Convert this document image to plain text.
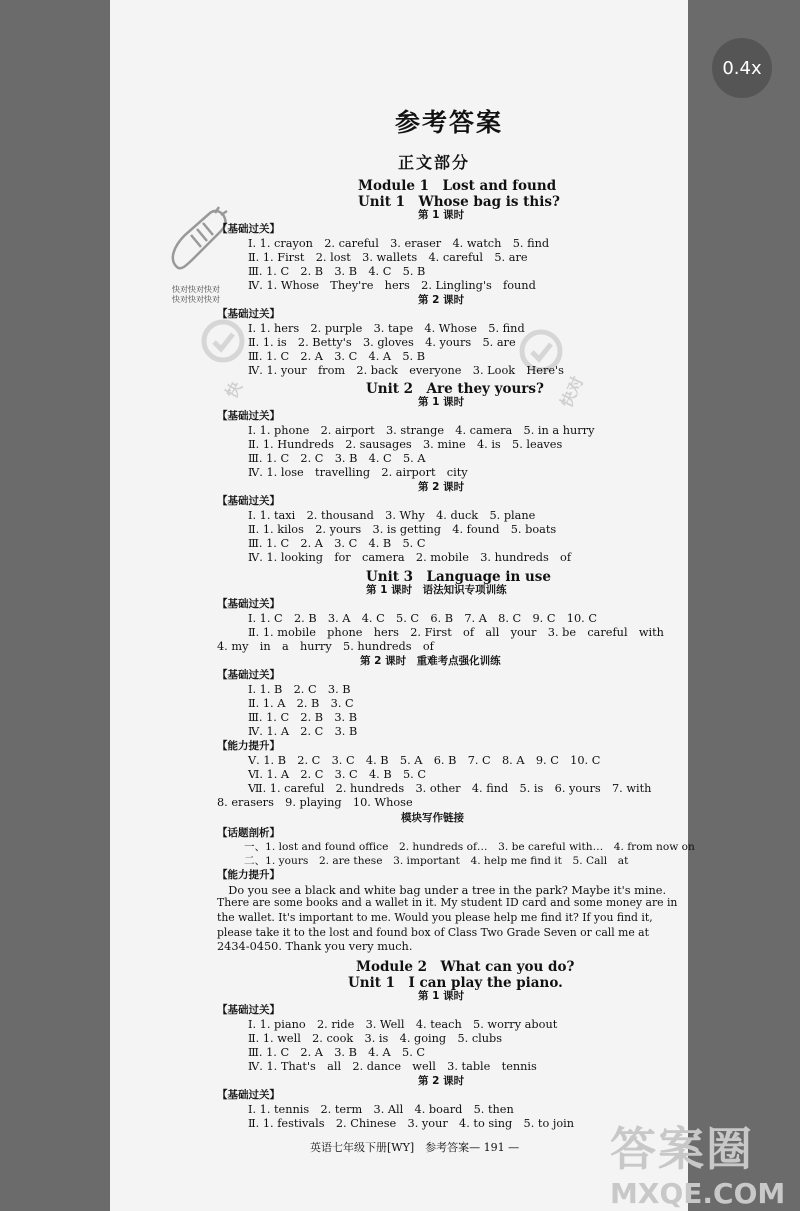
0.4x
快对快对快对
快对快对快对
快	快对
参考答案
正文部分
Module 1　Lost and found
Unit 1　Whose bag is this?
第 1 课时
【基础过关】
Ⅰ. 1. crayon　2. careful　3. eraser　4. watch　5. find
Ⅱ. 1. First　2. lost　3. wallets　4. careful　5. are
Ⅲ. 1. C　2. B　3. B　4. C　5. B
Ⅳ. 1. Whose　They're　hers　2. Lingling's　found
第 2 课时
【基础过关】
Ⅰ. 1. hers　2. purple　3. tape　4. Whose　5. find
Ⅱ. 1. is　2. Betty's　3. gloves　4. yours　5. are
Ⅲ. 1. C　2. A　3. C　4. A　5. B
Ⅳ. 1. your　from　2. back　everyone　3. Look　Here's
Unit 2　Are they yours?
第 1 课时
【基础过关】
Ⅰ. 1. phone　2. airport　3. strange　4. camera　5. in a hurry
Ⅱ. 1. Hundreds　2. sausages　3. mine　4. is　5. leaves
Ⅲ. 1. C　2. C　3. B　4. C　5. A
Ⅳ. 1. lose　travelling　2. airport　city
第 2 课时
【基础过关】
Ⅰ. 1. taxi　2. thousand　3. Why　4. duck　5. plane
Ⅱ. 1. kilos　2. yours　3. is getting　4. found　5. boats
Ⅲ. 1. C　2. A　3. C　4. B　5. C
Ⅳ. 1. looking　for　camera　2. mobile　3. hundreds　of
Unit 3　Language in use
第 1 课时　语法知识专项训练
【基础过关】
Ⅰ. 1. C　2. B　3. A　4. C　5. C　6. B　7. A　8. C　9. C　10. C
Ⅱ. 1. mobile　phone　hers　2. First　of　all　your　3. be　careful　with
4. my　in　a　hurry　5. hundreds　of
第 2 课时　重难考点强化训练
【基础过关】
Ⅰ. 1. B　2. C　3. B
Ⅱ. 1. A　2. B　3. C
Ⅲ. 1. C　2. B　3. B
Ⅳ. 1. A　2. C　3. B
【能力提升】
Ⅴ. 1. B　2. C　3. C　4. B　5. A　6. B　7. C　8. A　9. C　10. C
Ⅵ. 1. A　2. C　3. C　4. B　5. C
Ⅶ. 1. careful　2. hundreds　3. other　4. find　5. is　6. yours　7. with
8. erasers　9. playing　10. Whose
模块写作链接
【话题剖析】
一、1. lost and found office　2. hundreds of…　3. be careful with…　4. from now on
二、1. yours　2. are these　3. important　4. help me find it　5. Call　at
【能力提升】
　Do you see a black and white bag under a tree in the park? Maybe it's mine.
There are some books and a wallet in it. My student ID card and some money are in
the wallet. It's important to me. Would you please help me find it? If you find it,
please take it to the lost and found box of Class Two Grade Seven or call me at
2434-0450. Thank you very much.
Module 2　What can you do?
Unit 1　I can play the piano.
第 1 课时
【基础过关】
Ⅰ. 1. piano　2. ride　3. Well　4. teach　5. worry about
Ⅱ. 1. well　2. cook　3. is　4. going　5. clubs
Ⅲ. 1. C　2. A　3. B　4. A　5. C
Ⅳ. 1. That's　all　2. dance　well　3. table　tennis
第 2 课时
【基础过关】
Ⅰ. 1. tennis　2. term　3. All　4. board　5. then
Ⅱ. 1. festivals　2. Chinese　3. your　4. to sing　5. to join
英语七年级下册[WY]　参考答案— 191 — 答案圈
MXQE.COM
